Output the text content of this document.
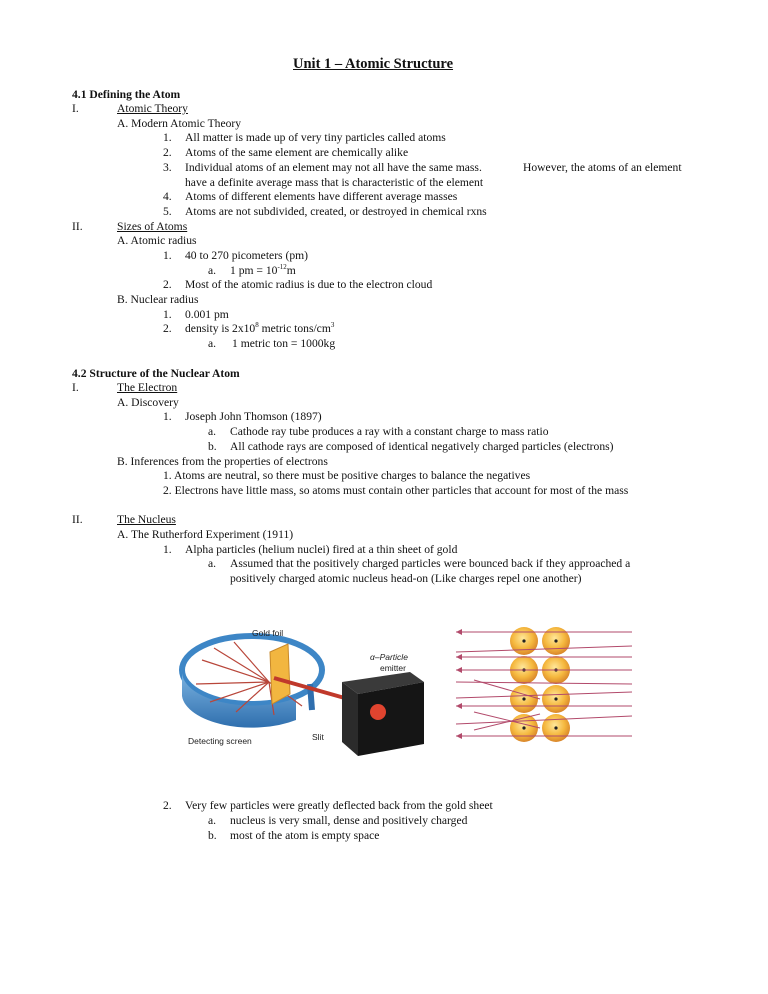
Unit 1 – Atomic Structure
4.1 Defining the Atom
I.	Atomic Theory
A. Modern Atomic Theory
1. All matter is made up of very tiny particles called atoms
2. Atoms of the same element are chemically alike
3. Individual atoms of an element may not all have the same mass.	However, the atoms of an element
have a definite average mass that is characteristic of the element
4. Atoms of different elements have different average masses
5. Atoms are not subdivided, created, or destroyed in chemical rxns
II.	Sizes of Atoms
A. Atomic radius
1. 40 to 270 picometers (pm)
a. 1 pm = $10^{-12}m$
2. Most of the atomic radius is due to the electron cloud
B. Nuclear radius
1. 0.001 pm
2. density is $2x10^8$ metric tons/$cm^3$
a. 1 metric ton = 1000kg
4.2 Structure of the Nuclear Atom
I.	The Electron
A. Discovery
1. Joseph John Thomson (1897)
a. Cathode ray tube produces a ray with a constant charge to mass ratio
b. All cathode rays are composed of identical negatively charged particles (electrons)
B. Inferences from the properties of electrons
1. Atoms are neutral, so there must be positive charges to balance the negatives
2. Electrons have little mass, so atoms must contain other particles that account for most of the mass
II.	The Nucleus
A. The Rutherford Experiment (1911)
1. Alpha particles (helium nuclei) fired at a thin sheet of gold
a. Assumed that the positively charged particles were bounced back if they approached a
positively charged atomic nucleus head-on (Like charges repel one another)
Gold foil
α–Particle
emitter
Slit
Detecting screen
2. Very few particles were greatly deflected back from the gold sheet
a. nucleus is very small, dense and positively charged
b. most of the atom is empty space
